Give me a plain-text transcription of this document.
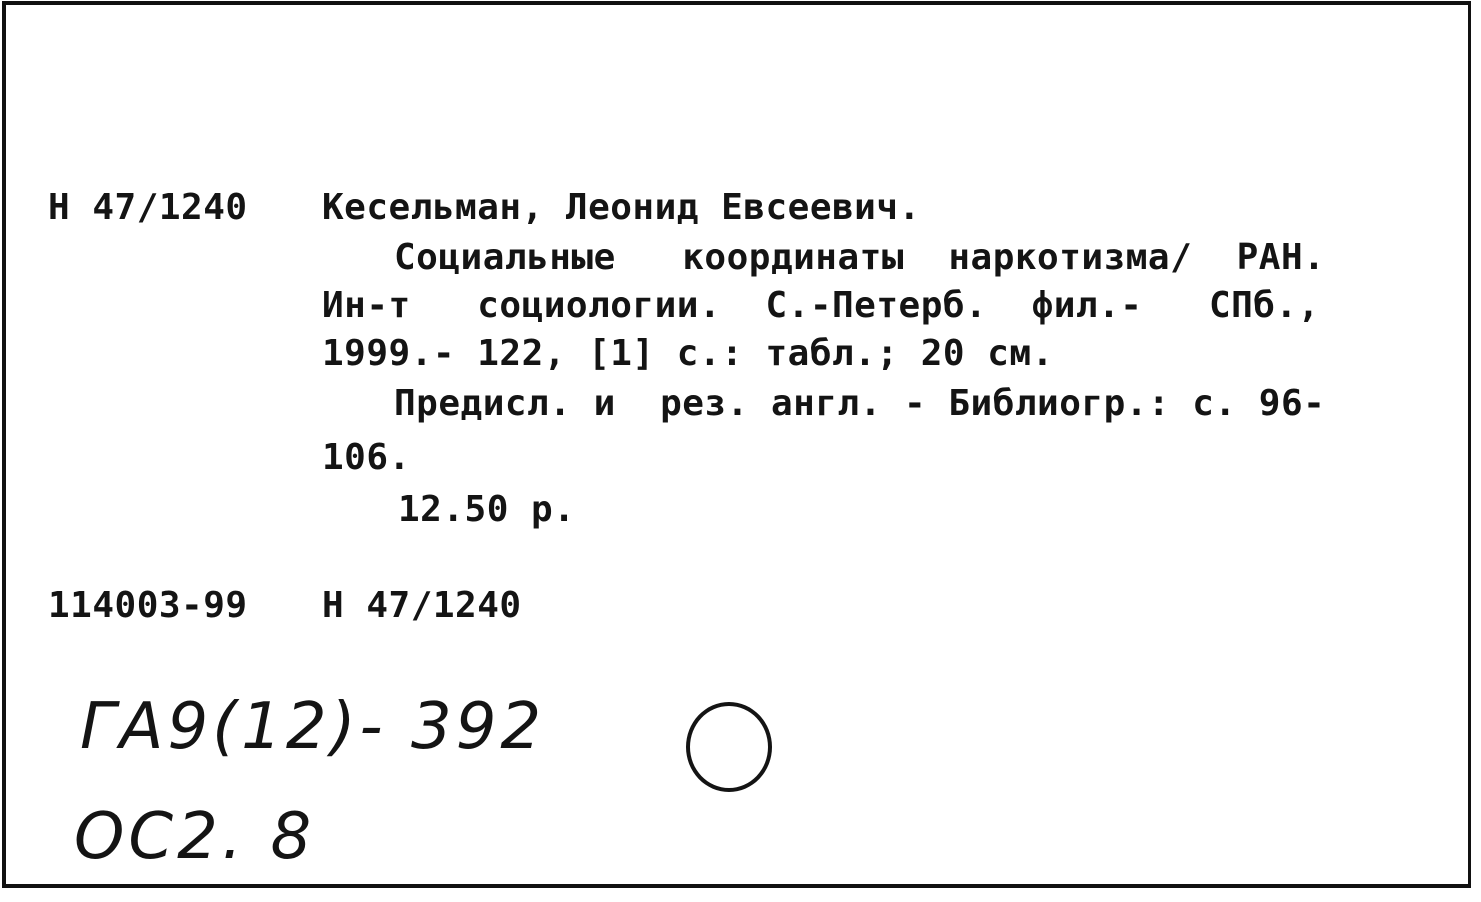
Н 47/1240 Кесельман, Леонид Евсеевич.
Социальные   координаты  наркотизма/  РАН.
Ин-т   социологии.  С.-Петерб.  фил.-   СПб.,
1999.- 122, [1] с.: табл.; 20 см.
Предисл. и  рез. англ. - Библиогр.: с. 96-
106.
12.50 р.
114003-99 Н 47/1240
ГА9(12)- 392
ОС2. 8
